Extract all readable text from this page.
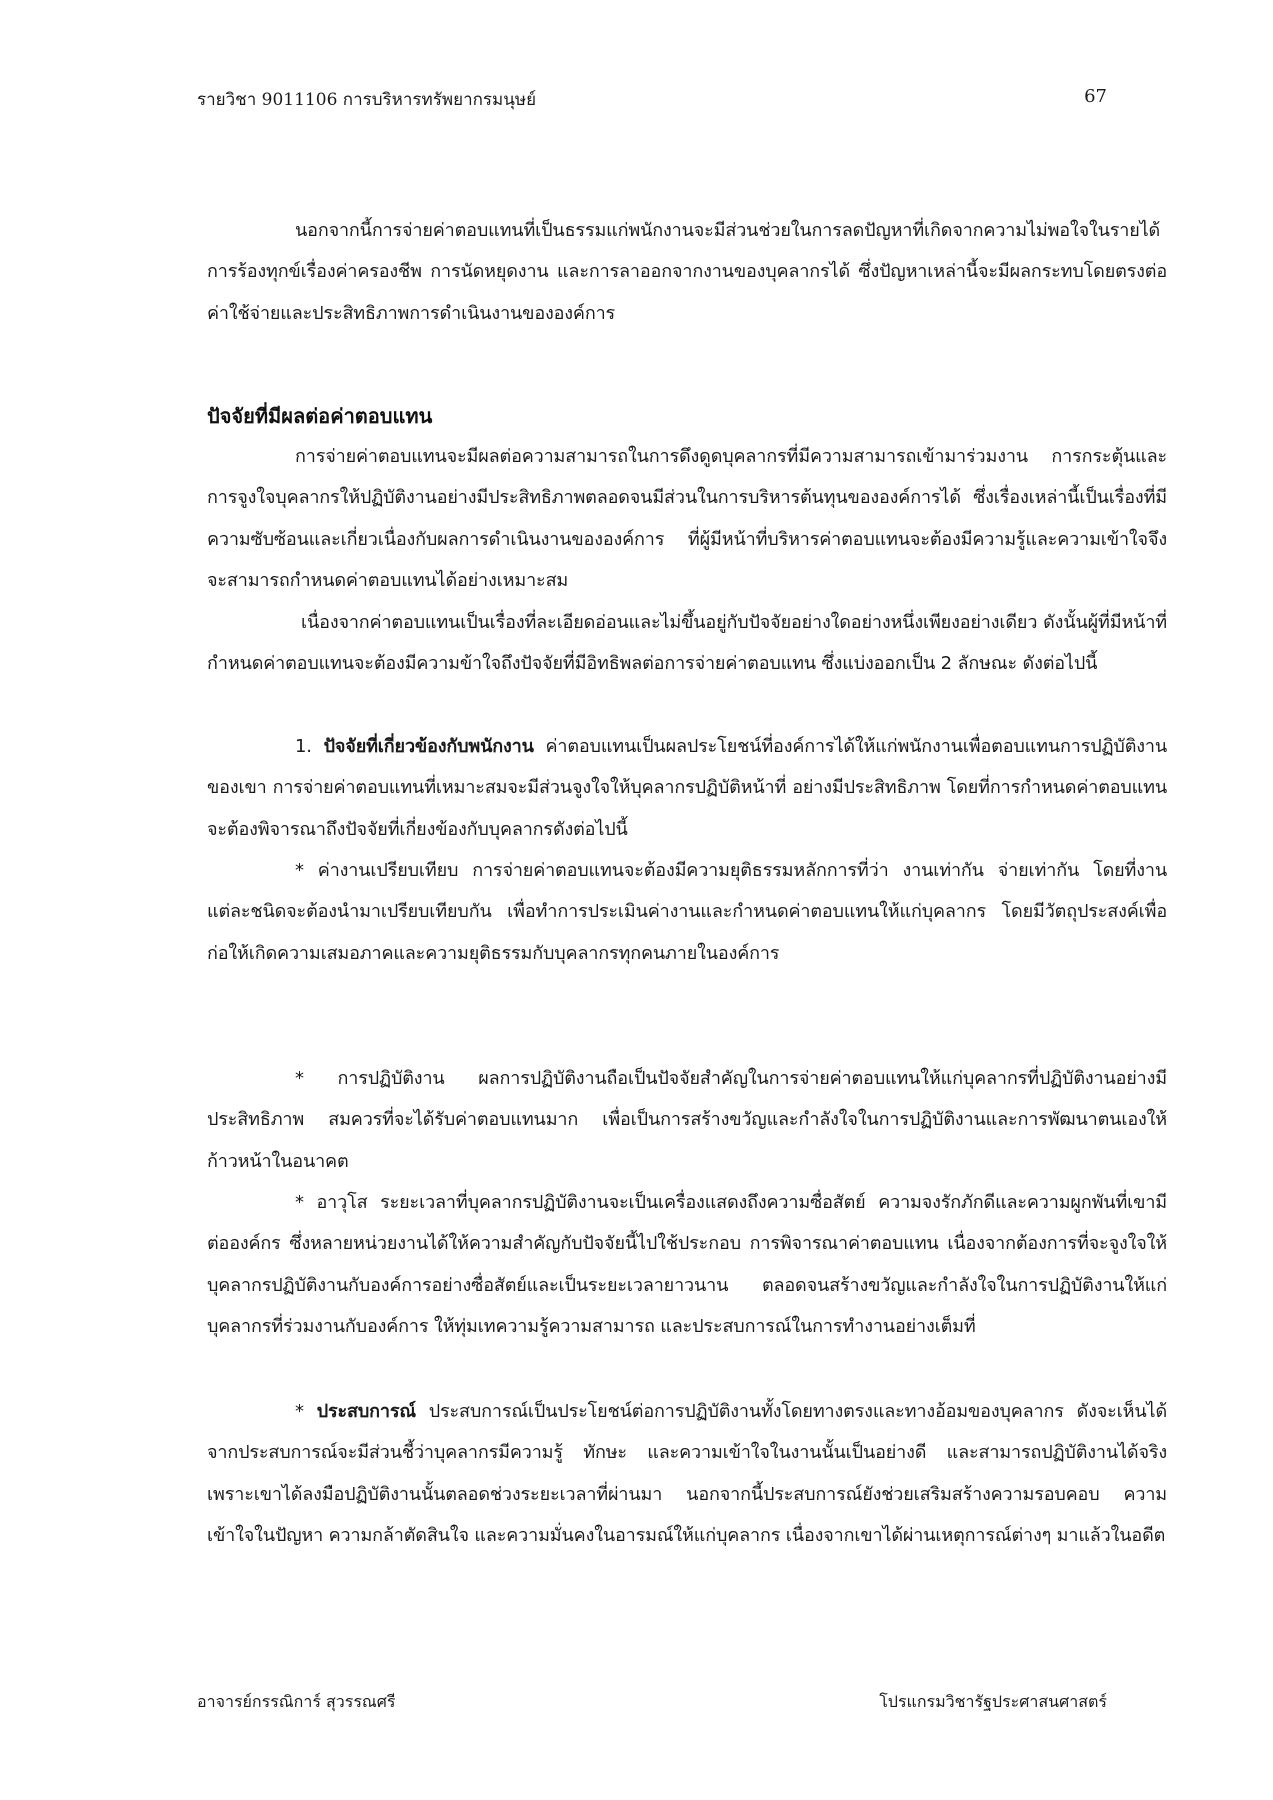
รายวิชา 9011106 การบริหารทรัพยากรมนุษย์	67

นอกจากนี้การจ่ายค่าตอบแทนที่เป็นธรรมแก่พนักงานจะมีส่วนช่วยในการลดปัญหาที่เกิดจากความไม่พอใจในรายได้ การร้องทุกข์เรื่องค่าครองชีพ การนัดหยุดงาน และการลาออกจากงานของบุคลากรได้ ซึ่งปัญหาเหล่านี้จะมีผลกระทบโดยตรงต่อค่าใช้จ่ายและประสิทธิภาพการดำเนินงานขององค์การ

ปัจจัยที่มีผลต่อค่าตอบแทน

การจ่ายค่าตอบแทนจะมีผลต่อความสามารถในการดึงดูดบุคลากรที่มีความสามารถเข้ามาร่วมงาน การกระตุ้นและการจูงใจบุคลากรให้ปฏิบัติงานอย่างมีประสิทธิภาพตลอดจนมีส่วนในการบริหารต้นทุนขององค์การได้ ซึ่งเรื่องเหล่านี้เป็นเรื่องที่มีความซับซ้อนและเกี่ยวเนื่องกับผลการดำเนินงานขององค์การ ที่ผู้มีหน้าที่บริหารค่าตอบแทนจะต้องมีความรู้และความเข้าใจจึงจะสามารถกำหนดค่าตอบแทนได้อย่างเหมาะสม

เนื่องจากค่าตอบแทนเป็นเรื่องที่ละเอียดอ่อนและไม่ขึ้นอยู่กับปัจจัยอย่างใดอย่างหนึ่งเพียงอย่างเดียว ดังนั้นผู้ที่มีหน้าที่กำหนดค่าตอบแทนจะต้องมีความข้าใจถึงปัจจัยที่มีอิทธิพลต่อการจ่ายค่าตอบแทน ซึ่งแบ่งออกเป็น 2 ลักษณะ ดังต่อไปนี้

1. ปัจจัยที่เกี่ยวข้องกับพนักงาน ค่าตอบแทนเป็นผลประโยชน์ที่องค์การได้ให้แก่พนักงานเพื่อตอบแทนการปฏิบัติงานของเขา การจ่ายค่าตอบแทนที่เหมาะสมจะมีส่วนจูงใจให้บุคลากรปฏิบัติหน้าที่ อย่างมีประสิทธิภาพ โดยที่การกำหนดค่าตอบแทนจะต้องพิจารณาถึงปัจจัยที่เกี่ยงข้องกับบุคลากรดังต่อไปนี้

* ค่างานเปรียบเทียบ การจ่ายค่าตอบแทนจะต้องมีความยุติธรรมหลักการที่ว่า งานเท่ากัน จ่ายเท่ากัน โดยที่งานแต่ละชนิดจะต้องนำมาเปรียบเทียบกัน เพื่อทำการประเมินค่างานและกำหนดค่าตอบแทนให้แก่บุคลากร โดยมีวัตถุประสงค์เพื่อก่อให้เกิดความเสมอภาคและความยุติธรรมกับบุคลากรทุกคนภายในองค์การ

* การปฏิบัติงาน ผลการปฏิบัติงานถือเป็นปัจจัยสำคัญในการจ่ายค่าตอบแทนให้แก่บุคลากรที่ปฏิบัติงานอย่างมีประสิทธิภาพ สมควรที่จะได้รับค่าตอบแทนมาก เพื่อเป็นการสร้างขวัญและกำลังใจในการปฏิบัติงานและการพัฒนาตนเองให้ก้าวหน้าในอนาคต

* อาวุโส ระยะเวลาที่บุคลากรปฏิบัติงานจะเป็นเครื่องแสดงถึงความซื่อสัตย์ ความจงรักภักดีและความผูกพันที่เขามีต่อองค์กร ซึ่งหลายหน่วยงานได้ให้ความสำคัญกับปัจจัยนี้ไปใช้ประกอบ การพิจารณาค่าตอบแทน เนื่องจากต้องการที่จะจูงใจให้บุคลากรปฏิบัติงานกับองค์การอย่างซื่อสัตย์และเป็นระยะเวลายาวนาน ตลอดจนสร้างขวัญและกำลังใจในการปฏิบัติงานให้แก่บุคลากรที่ร่วมงานกับองค์การ ให้ทุ่มเทความรู้ความสามารถ และประสบการณ์ในการทำงานอย่างเต็มที่

* ประสบการณ์ ประสบการณ์เป็นประโยชน์ต่อการปฏิบัติงานทั้งโดยทางตรงและทางอ้อมของบุคลากร ดังจะเห็นได้จากประสบการณ์จะมีส่วนชี้ว่าบุคลากรมีความรู้ ทักษะ และความเข้าใจในงานนั้นเป็นอย่างดี และสามารถปฏิบัติงานได้จริงเพราะเขาได้ลงมือปฏิบัติงานนั้นตลอดช่วงระยะเวลาที่ผ่านมา นอกจากนี้ประสบการณ์ยังช่วยเสริมสร้างความรอบคอบ ความเข้าใจในปัญหา ความกล้าตัดสินใจ และความมั่นคงในอารมณ์ให้แก่บุคลากร เนื่องจากเขาได้ผ่านเหตุการณ์ต่างๆ มาแล้วในอดีต

อาจารย์กรรณิการ์ สุวรรณศรี	โปรแกรมวิชารัฐประศาสนศาสตร์
